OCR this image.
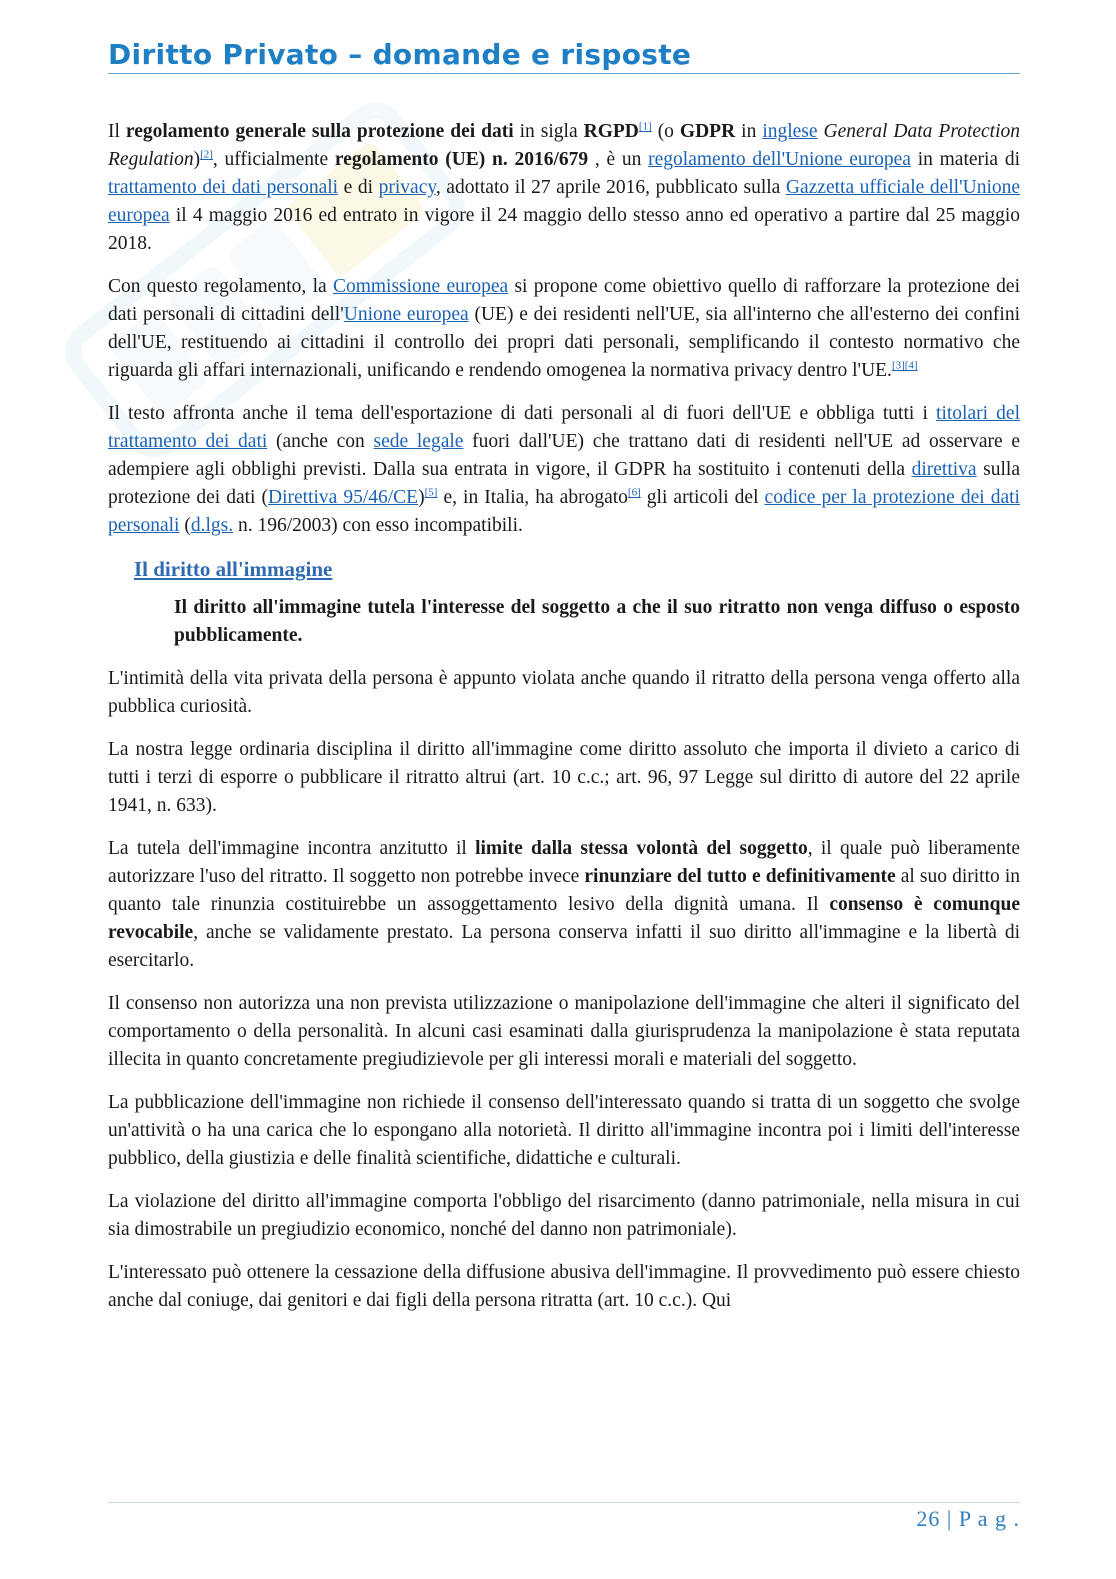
Diritto Privato – domande e risposte

Il regolamento generale sulla protezione dei dati in sigla RGPD[1] (o GDPR in inglese General Data Protection Regulation)[2], ufficialmente regolamento (UE) n. 2016/679 , è un regolamento dell'Unione europea in materia di trattamento dei dati personali e di privacy, adottato il 27 aprile 2016, pubblicato sulla Gazzetta ufficiale dell'Unione europea il 4 maggio 2016 ed entrato in vigore il 24 maggio dello stesso anno ed operativo a partire dal 25 maggio 2018.

Con questo regolamento, la Commissione europea si propone come obiettivo quello di rafforzare la protezione dei dati personali di cittadini dell'Unione europea (UE) e dei residenti nell'UE, sia all'interno che all'esterno dei confini dell'UE, restituendo ai cittadini il controllo dei propri dati personali, semplificando il contesto normativo che riguarda gli affari internazionali, unificando e rendendo omogenea la normativa privacy dentro l'UE.[3][4]

Il testo affronta anche il tema dell'esportazione di dati personali al di fuori dell'UE e obbliga tutti i titolari del trattamento dei dati (anche con sede legale fuori dall'UE) che trattano dati di residenti nell'UE ad osservare e adempiere agli obblighi previsti. Dalla sua entrata in vigore, il GDPR ha sostituito i contenuti della direttiva sulla protezione dei dati (Direttiva 95/46/CE)[5] e, in Italia, ha abrogato[6] gli articoli del codice per la protezione dei dati personali (d.lgs. n. 196/2003) con esso incompatibili.

Il diritto all'immagine
Il diritto all'immagine tutela l'interesse del soggetto a che il suo ritratto non venga diffuso o esposto pubblicamente.

L'intimità della vita privata della persona è appunto violata anche quando il ritratto della persona venga offerto alla pubblica curiosità.

La nostra legge ordinaria disciplina il diritto all'immagine come diritto assoluto che importa il divieto a carico di tutti i terzi di esporre o pubblicare il ritratto altrui (art. 10 c.c.; art. 96, 97 Legge sul diritto di autore del 22 aprile 1941, n. 633).

La tutela dell'immagine incontra anzitutto il limite dalla stessa volontà del soggetto, il quale può liberamente autorizzare l'uso del ritratto. Il soggetto non potrebbe invece rinunziare del tutto e definitivamente al suo diritto in quanto tale rinunzia costituirebbe un assoggettamento lesivo della dignità umana. Il consenso è comunque revocabile, anche se validamente prestato. La persona conserva infatti il suo diritto all'immagine e la libertà di esercitarlo.

Il consenso non autorizza una non prevista utilizzazione o manipolazione dell'immagine che alteri il significato del comportamento o della personalità. In alcuni casi esaminati dalla giurisprudenza la manipolazione è stata reputata illecita in quanto concretamente pregiudizievole per gli interessi morali e materiali del soggetto.

La pubblicazione dell'immagine non richiede il consenso dell'interessato quando si tratta di un soggetto che svolge un'attività o ha una carica che lo espongano alla notorietà. Il diritto all'immagine incontra poi i limiti dell'interesse pubblico, della giustizia e delle finalità scientifiche, didattiche e culturali.

La violazione del diritto all'immagine comporta l'obbligo del risarcimento (danno patrimoniale, nella misura in cui sia dimostrabile un pregiudizio economico, nonché del danno non patrimoniale).

L'interessato può ottenere la cessazione della diffusione abusiva dell'immagine. Il provvedimento può essere chiesto anche dal coniuge, dai genitori e dai figli della persona ritratta (art. 10 c.c.). Qui

26 | P a g .
